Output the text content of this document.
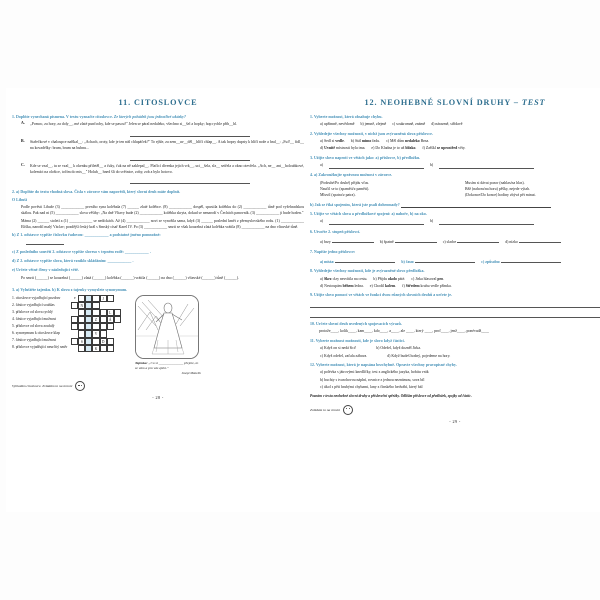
11. CITOSLOVCE
1. Doplňte vynechaná písmena. V textu vyznačte citoslovce. Ze kterých pohádek jsou jednotlivé ukázky?
A.	„Pomoc, za hory, za doly__, mé zlaté punčochy, kde se pasou?" Jelen se páral nedaleko, všechno si__šel a hopky; hop rychle přib__hl.
B.	Stařečkové v chaloupce naříkal__: „Achach, oroty, kde je ten náš chlupáček?" To ejhle, za zem__uv__děl__hlíčí chlap__. A tak hopsy dupsty k hlíčí nože a hral__: „Fuf!__ fidl__ na kovadélky: brum, brum na bubnu...
C.	Kde se vzal__, tu se vzal__ k okenku přiletěl__ a ťuky, ťuk na ně zaklepal__. Plačící dívenka jejich vrk__, uci__šela, slz__ setřela a okno otevřela. „Ach, ne__ ani__holoubkové, kolemíci na ološtce, točím do mis__" Holub__ hned šli do světnice, zoby, zob a bylo hotovo.
2. a) Doplňte do textu vhodná slova. Čísla v závorce vám napovědí, který slovní druh máte doplnit.
O Libuši
Podle pověsti Libuše (3) ____________ prvního syna kolébala (7) ______ zlaté kolébce. (8) ____________ dospěl, spustila kolébku do (2) ____________ tůně pod vyšehradskou skálou. Pak nad ni (5) ____________ slova věštby: „Na dně Vltavy bude (2) ____________ kolébka skryta, dokud se nenarodí v Čechách panovník. (3) ____________ ji bude hoden."
Máma (2) ______ století a (1) ____________ se nedíckách. Až (4) ____________ novi se vynořila sama, když (3) ______ poslední kmět z přemyslovského rodu. (1) ____________ Eliška, narodil malý Václav; pozdější český král s římský císař Karel IV. Po (3) ____________ smrti se však kouzelná zlatá kolébka vrátila (8) ____________ na dno vltavské tůně.
b) Z 1. odstavce vypište číslovku řadovou: ____________ a podstatné jméno pomnožné:
c) Z posledního souvětí 2. odstavce vypište sloveso v trpném rodě: ____________ .
d) Z 2. odstavce vypište slova, která vzniklo skládáním: ____________ .
e) Určete větné členy v následující větě.
Po smrti (______) se kouzelná (______) zlatá (______) kolébka (______) vrátila (______) na dno (______) vltavské (______) tůně (______).
3. a) Vyluštěte tajenku. b) K slovu z tajenky vymyslete synonymum.
1. citoslovce vyjadřující pozdrav
2. částice vyjadřující souhlas
3. příslovce od slova rychlý
4. částice vyjadřující možnost
5. příslovce od slova zoufalý
6. synonymum k citoslovce klap
7. částice vyjadřující možnost
8. příslovce vyjadřující neurčitý směr
e	J
N
L
Z	Á
V
S	D
K
Tajenka: „Co si ______________ přejete, to se vám a pro vás zplní."
Josept Mánelin
Vyhledám citoslovce. Zvládám to na úrovni
- 28 -
12. NEOHEBNÉ SLOVNÍ DRUHY – TEST
1. Vyberte možnost, která obsahuje chybu.
a) upřímně, nevědomě b) jemně, zlejmě c) soukromně, známě d) nárazmě, střídavě
2. Vyhledejte všechny možnosti, v nichž jsou zvýrazněná slova příslovce.
a) Sedl si vedle. b) Stál mimo řadu. c) Měl dům nedaleko Brna.
d) Uvnitř místnosti byla tma. e) Do Kladna je to už blízko. f) Zašškl se uprostřed věty.
3. Užijte slovo naproti ve větách jako: a) příslovce, b) předložku.
a)	b)
4. a) Zakroužkujte správnou možnost v závorce.
(Podruhé/Po druhé) přijdu včas.	Musím si dávat pozor (nahlas/na hlas).
Naučil se to (zpaměti/z paměti).	Běž (nahoru/na horu) pěšky, nejede výtah.
Mluvil (spatra/z patra).	(Dokonce/Do konce) hodiny zbývá pět minut.
b) Jak se říká spojením, která jste psali dohromady?
5. Užijte ve větách slova a předložkové spojení: a) nahoře, b) na oko.
a)	b)
6. Utvořte 2. stupeň příslovcí.
a) brzy	b) špatně	c) sladce	d) nízko
7. Napište jedno příslovce:
a) místa:	b) času:	c) způsobu:
8. Vyhledejte všechny možnosti, kde je zvýrazněné slovo předložka.
a) Skrz clzy nesvítila na cestu. b) Přijdu okolo páté. c) Jirka hlasoval pro.
d) Nestoupám během ledna. e) Chodil kolem. f) Středem kruhu vedle přímka.
9. Užijte slovo pomocí ve větách ve funkci dvou různých slovních druhů a určete je.
10. Určete slovní druh uvedených spojovacích výrazů.
protože____, kolik____, kam____, kdo____, a____, ale ____, který ____, proč____, jenž____, ponévadž____
11. Vyberte možnost možnosti, kde je slovo když částicí.
a) Když on si nedá říct!	b) Odešel, když dozněl Jirka.
c) Když odešel, začala zábava.	d) Když budeš hodný, pojedeme na hory.
12. Vyberte možnost, která je napsána bezchybně. Opravte všechny pravopisné chyby.
a) polévka s játrovými knedlíčky, test z anglického jazyka, hobitu vrák
b) buchty s tvarohovou náplní, rovnice z jednou neznámou, sova bíl
c) úkol s pěti hrubými chybami, lany z čínského hedvábí, který bál
Poznám v textu neohebné slovní druhy a přísloveční spřežky. Odliším příslovce od předložek, spojky od částic.
Zvládám to na úrovni
- 29 -
